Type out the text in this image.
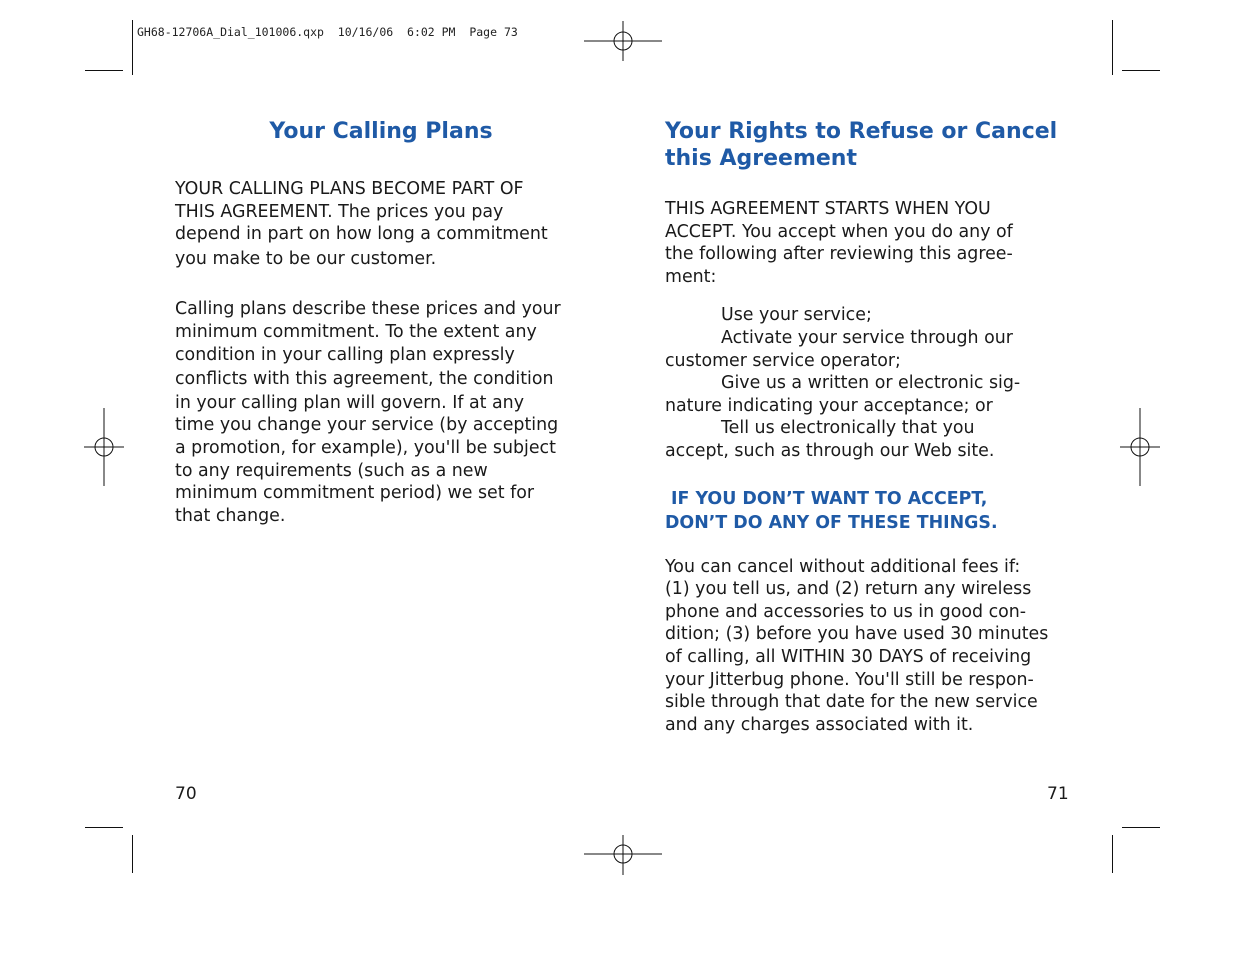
GH68-12706A_Dial_101006.qxp  10/16/06  6:02 PM  Page 73
Your Calling Plans

YOUR CALLING PLANS BECOME PART OF

THIS AGREEMENT. The prices you pay

depend in part on how long a commitment

you make to be our customer.

Calling plans describe these prices and your

minimum commitment. To the extent any

condition in your calling plan expressly

conflicts with this agreement, the condition

in your calling plan will govern. If at any

time you change your service (by accepting

a promotion, for example), you'll be subject

to any requirements (such as a new

minimum commitment period) we set for

that change.

70
Your Rights to Refuse or Cancel
this Agreement

THIS AGREEMENT STARTS WHEN YOU

ACCEPT. You accept when you do any of

the following after reviewing this agree-

ment:

Use your service;

Activate your service through our

customer service operator;

Give us a written or electronic sig-

nature indicating your acceptance; or

Tell us electronically that you

accept, such as through our Web site.

IF YOU DON’T WANT TO ACCEPT,

DON’T DO ANY OF THESE THINGS.

You can cancel without additional fees if:

(1) you tell us, and (2) return any wireless

phone and accessories to us in good con-

dition; (3) before you have used 30 minutes

of calling, all WITHIN 30 DAYS of receiving

your Jitterbug phone. You'll still be respon-

sible through that date for the new service

and any charges associated with it.

71
